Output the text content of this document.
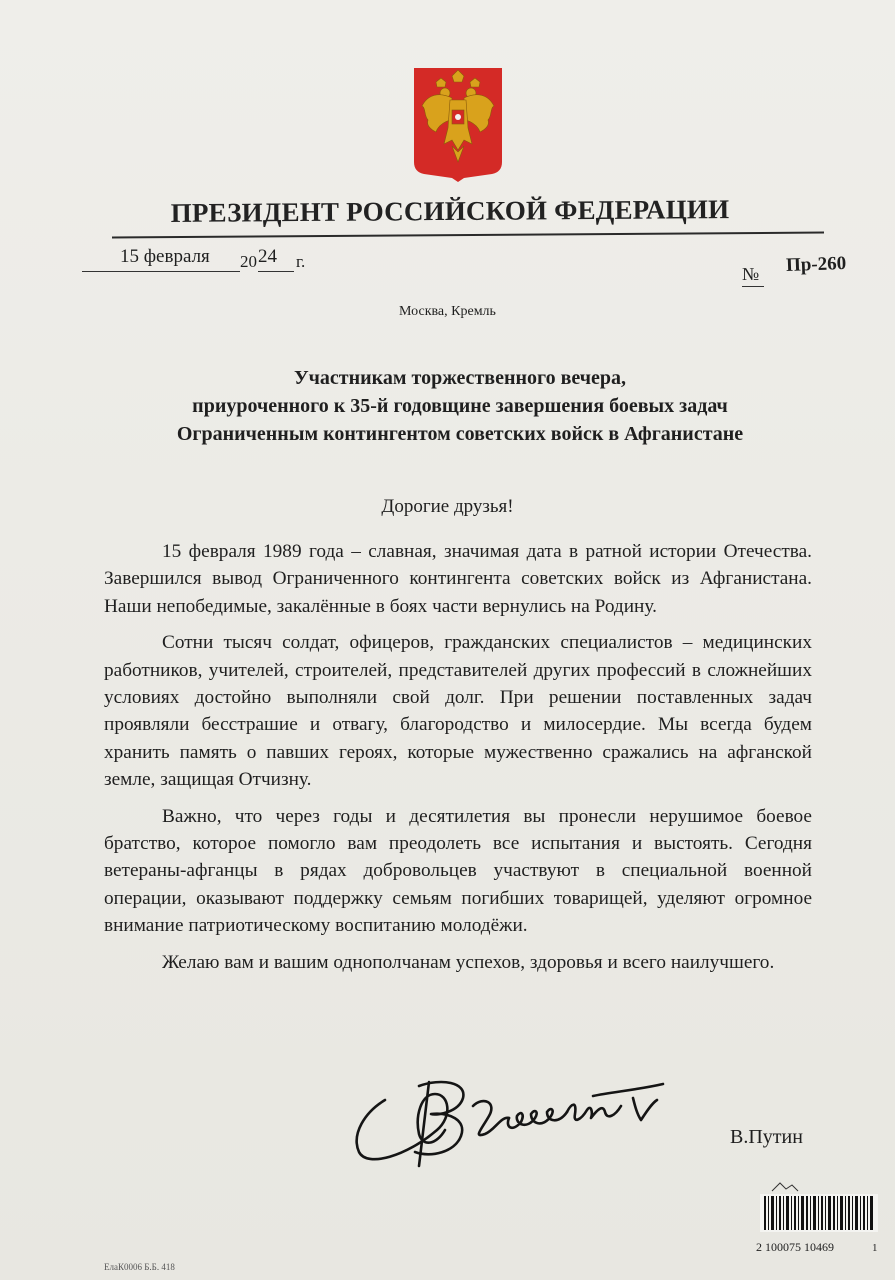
ПРЕЗИДЕНТ РОССИЙСКОЙ ФЕДЕРАЦИИ
15 февраля 20 24 г.
№ Пр-260
Москва, Кремль
Участникам торжественного вечера,
приуроченного к 35-й годовщине завершения боевых задач
Ограниченным контингентом советских войск в Афганистане
Дорогие друзья!

15 февраля 1989 года – славная, значимая дата в ратной истории Отечества. Завершился вывод Ограниченного контингента советских войск из Афганистана. Наши непобедимые, закалённые в боях части вернулись на Родину.

Сотни тысяч солдат, офицеров, гражданских специалистов – медицинских работников, учителей, строителей, представителей других профессий в сложнейших условиях достойно выполняли свой долг. При решении поставленных задач проявляли бесстрашие и отвагу, благородство и милосердие. Мы всегда будем хранить память о павших героях, которые мужественно сражались на афганской земле, защищая Отчизну.

Важно, что через годы и десятилетия вы пронесли нерушимое боевое братство, которое помогло вам преодолеть все испытания и выстоять. Сегодня ветераны-афганцы в рядах добровольцев участвуют в специальной военной операции, оказывают поддержку семьям погибших товарищей, уделяют огромное внимание патриотическому воспитанию молодёжи.

Желаю вам и вашим однополчанам успехов, здоровья и всего наилучшего.

В.Путин
2 100075 10469	1
ЕлаК0006 Б.Б. 418
